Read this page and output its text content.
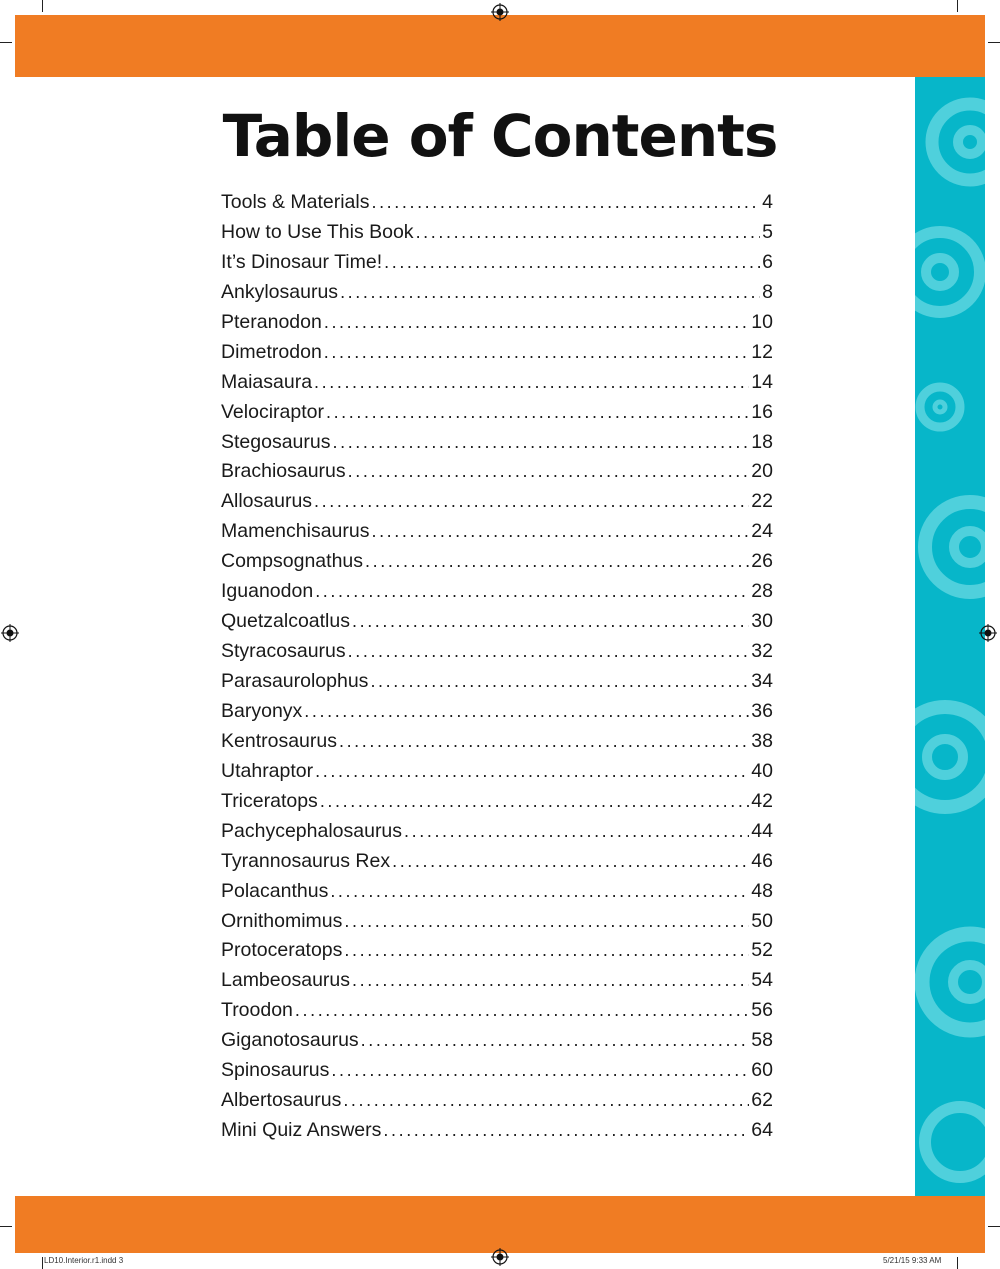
Table of Contents
Tools & Materials .....	4
How to Use This Book .....	5
It’s Dinosaur Time! .....	6
Ankylosaurus .....	8
Pteranodon .....	10
Dimetrodon .....	12
Maiasaura .....	14
Velociraptor .....	16
Stegosaurus .....	18
Brachiosaurus .....	20
Allosaurus .....	22
Mamenchisaurus .....	24
Compsognathus .....	26
Iguanodon .....	28
Quetzalcoatlus .....	30
Styracosaurus .....	32
Parasaurolophus .....	34
Baryonyx .....	36
Kentrosaurus .....	38
Utahraptor .....	40
Triceratops .....	42
Pachycephalosaurus .....	44
Tyrannosaurus Rex .....	46
Polacanthus .....	48
Ornithomimus .....	50
Protoceratops .....	52
Lambeosaurus .....	54
Troodon .....	56
Giganotosaurus .....	58
Spinosaurus .....	60
Albertosaurus .....	62
Mini Quiz Answers .....	64
LD10.Interior.r1.indd 3	5/21/15 9:33 AM
